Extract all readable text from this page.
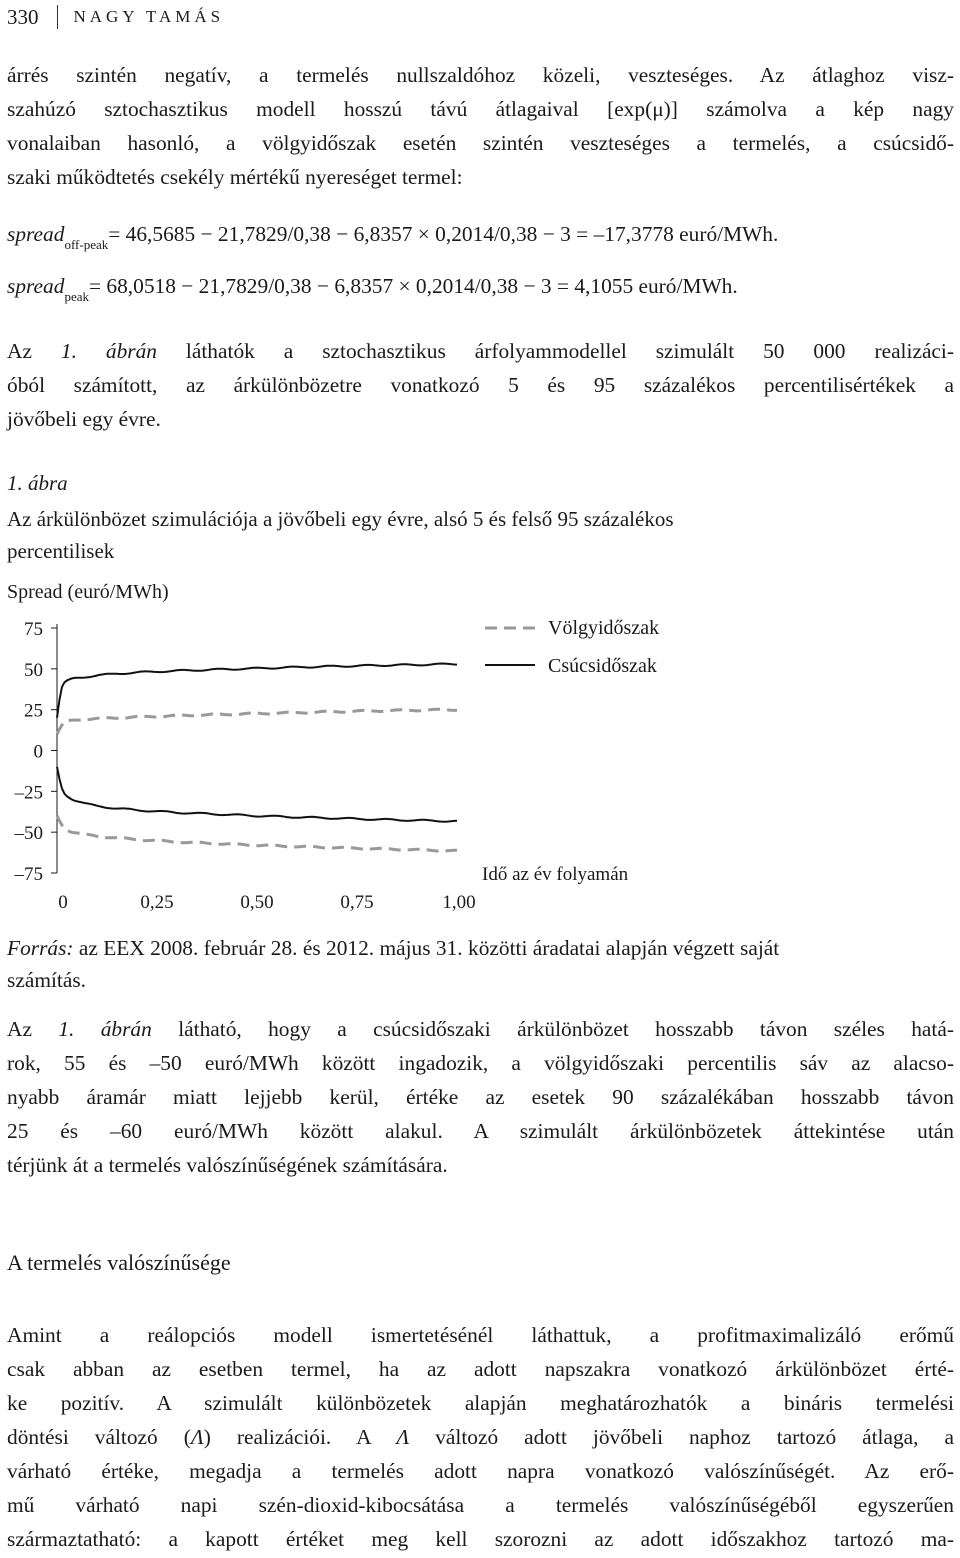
330	NAGY TAMÁS
árrés szintén negatív, a termelés nullszaldóhoz közeli, veszteséges. Az átlaghoz visz-
szahúzó sztochasztikus modell hosszú távú átlagaival [exp(μ)] számolva a kép nagy
vonalaiban hasonló, a völgyidőszak esetén szintén veszteséges a termelés, a csúcsidő-
szaki működtetés csekély mértékű nyereséget termel:
spread$_{off-peak}$= 46,5685 − 21,7829/0,38 − 6,8357 × 0,2014/0,38 − 3 = –17,3778 euró/MWh.
spread$_{peak}$= 68,0518 − 21,7829/0,38 − 6,8357 × 0,2014/0,38 − 3 = 4,1055 euró/MWh.
Az 1. ábrán láthatók a sztochasztikus árfolyammodellel szimulált 50 000 realizáci-
óból számított, az árkülönbözetre vonatkozó 5 és 95 százalékos percentilisértékek a
jövőbeli egy évre.
1. ábra
Az árkülönbözet szimulációja a jövőbeli egy évre, alsó 5 és felső 95 százalékos percentilisek
Spread (euró/MWh)
75
50
25
0
–25
–50
–75
0	0,25	0,50	0,75	1,00
Idő az év folyamán
Völgyidőszak
Csúcsidőszak
Forrás: az EEX 2008. február 28. és 2012. május 31. közötti áradatai alapján végzett saját
számítás.
Az 1. ábrán látható, hogy a csúcsidőszaki árkülönbözet hosszabb távon széles hatá-
rok, 55 és –50 euró/MWh között ingadozik, a völgyidőszaki percentilis sáv az alacso-
nyabb áramár miatt lejjebb kerül, értéke az esetek 90 százalékában hosszabb távon
25 és –60 euró/MWh között alakul. A szimulált árkülönbözetek áttekintése után
térjünk át a termelés valószínűségének számítására.
A termelés valószínűsége
Amint a reálopciós modell ismertetésénél láthattuk, a profitmaximalizáló erőmű
csak abban az esetben termel, ha az adott napszakra vonatkozó árkülönbözet érté-
ke pozitív. A szimulált különbözetek alapján meghatározhatók a bináris termelési
döntési változó (Λ) realizációi. A Λ változó adott jövőbeli naphoz tartozó átlaga, a
várható értéke, megadja a termelés adott napra vonatkozó valószínűségét. Az erő-
mű várható napi szén-dioxid-kibocsátása a termelés valószínűségéből egyszerűen
származtatható: a kapott értéket meg kell szorozni az adott időszakhoz tartozó ma-
